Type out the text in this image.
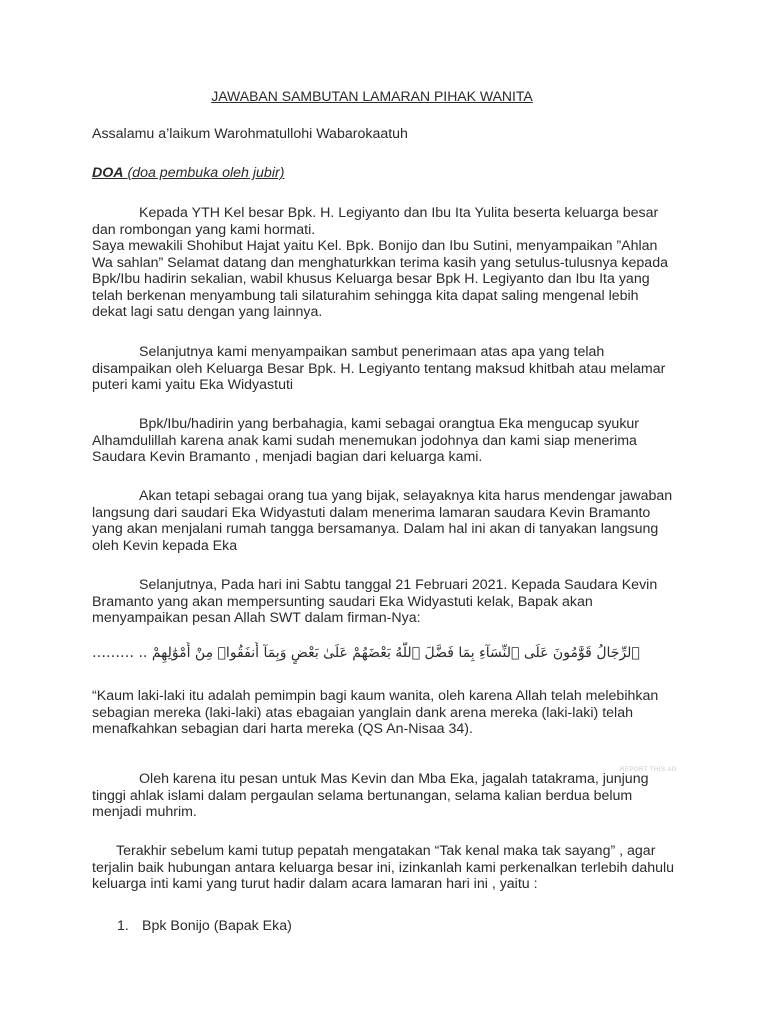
JAWABAN SAMBUTAN LAMARAN PIHAK WANITA

Assalamu a’laikum Warohmatullohi Wabarokaatuh

DOA (doa pembuka oleh jubir)

Kepada YTH Kel besar Bpk. H. Legiyanto dan Ibu Ita Yulita beserta keluarga besar dan rombongan yang kami hormati.

Saya mewakili Shohibut Hajat yaitu Kel. Bpk. Bonijo dan Ibu Sutini, menyampaikan ”Ahlan Wa sahlan” Selamat datang dan menghaturkkan terima kasih yang setulus-tulusnya kepada Bpk/Ibu hadirin sekalian, wabil khusus Keluarga besar Bpk H. Legiyanto dan Ibu Ita yang telah berkenan menyambung tali silaturahim sehingga kita dapat saling mengenal lebih dekat lagi satu dengan yang lainnya.

Selanjutnya kami menyampaikan sambut penerimaan atas apa yang telah disampaikan oleh Keluarga Besar Bpk. H. Legiyanto tentang maksud khitbah atau melamar puteri kami yaitu Eka Widyastuti

Bpk/Ibu/hadirin yang berbahagia, kami sebagai orangtua Eka mengucap syukur Alhamdulillah karena anak kami sudah menemukan jodohnya dan kami siap menerima Saudara Kevin Bramanto , menjadi bagian dari keluarga kami.

Akan tetapi sebagai orang tua yang bijak, selayaknya kita harus mendengar jawaban langsung dari saudari Eka Widyastuti dalam menerima lamaran saudara Kevin Bramanto yang akan menjalani rumah tangga bersamanya. Dalam hal ini akan di tanyakan langsung oleh Kevin kepada Eka

Selanjutnya, Pada hari ini Sabtu tanggal 21 Februari 2021. Kepada Saudara Kevin Bramanto yang akan mempersunting saudari Eka Widyastuti kelak, Bapak akan menyampaikan pesan Allah SWT dalam firman-Nya:

……… .. ٱلرِّجَالُ قَوَّٰمُونَ عَلَى ٱلنِّسَآءِ بِمَا فَضَّلَ ٱللَّهُ بَعْضَهُمْ عَلَىٰ بَعْضٍ وَبِمَآ أَنفَقُوا۟ مِنْ أَمْوَٰلِهِمْ

“Kaum laki-laki itu adalah pemimpin bagi kaum wanita, oleh karena Allah telah melebihkan sebagian mereka (laki-laki) atas ebagaian yanglain dank arena mereka (laki-laki) telah menafkahkan sebagian dari harta mereka (QS An-Nisaa 34).

REPORT THIS AD

Oleh karena itu pesan untuk Mas Kevin dan Mba Eka, jagalah tatakrama, junjung tinggi ahlak islami dalam pergaulan selama bertunangan, selama kalian berdua belum menjadi muhrim.

Terakhir sebelum kami tutup pepatah mengatakan “Tak kenal maka tak sayang” , agar terjalin baik hubungan antara keluarga besar ini, izinkanlah kami perkenalkan terlebih dahulu keluarga inti kami yang turut hadir dalam acara lamaran hari ini , yaitu :

1. Bpk Bonijo (Bapak Eka)
